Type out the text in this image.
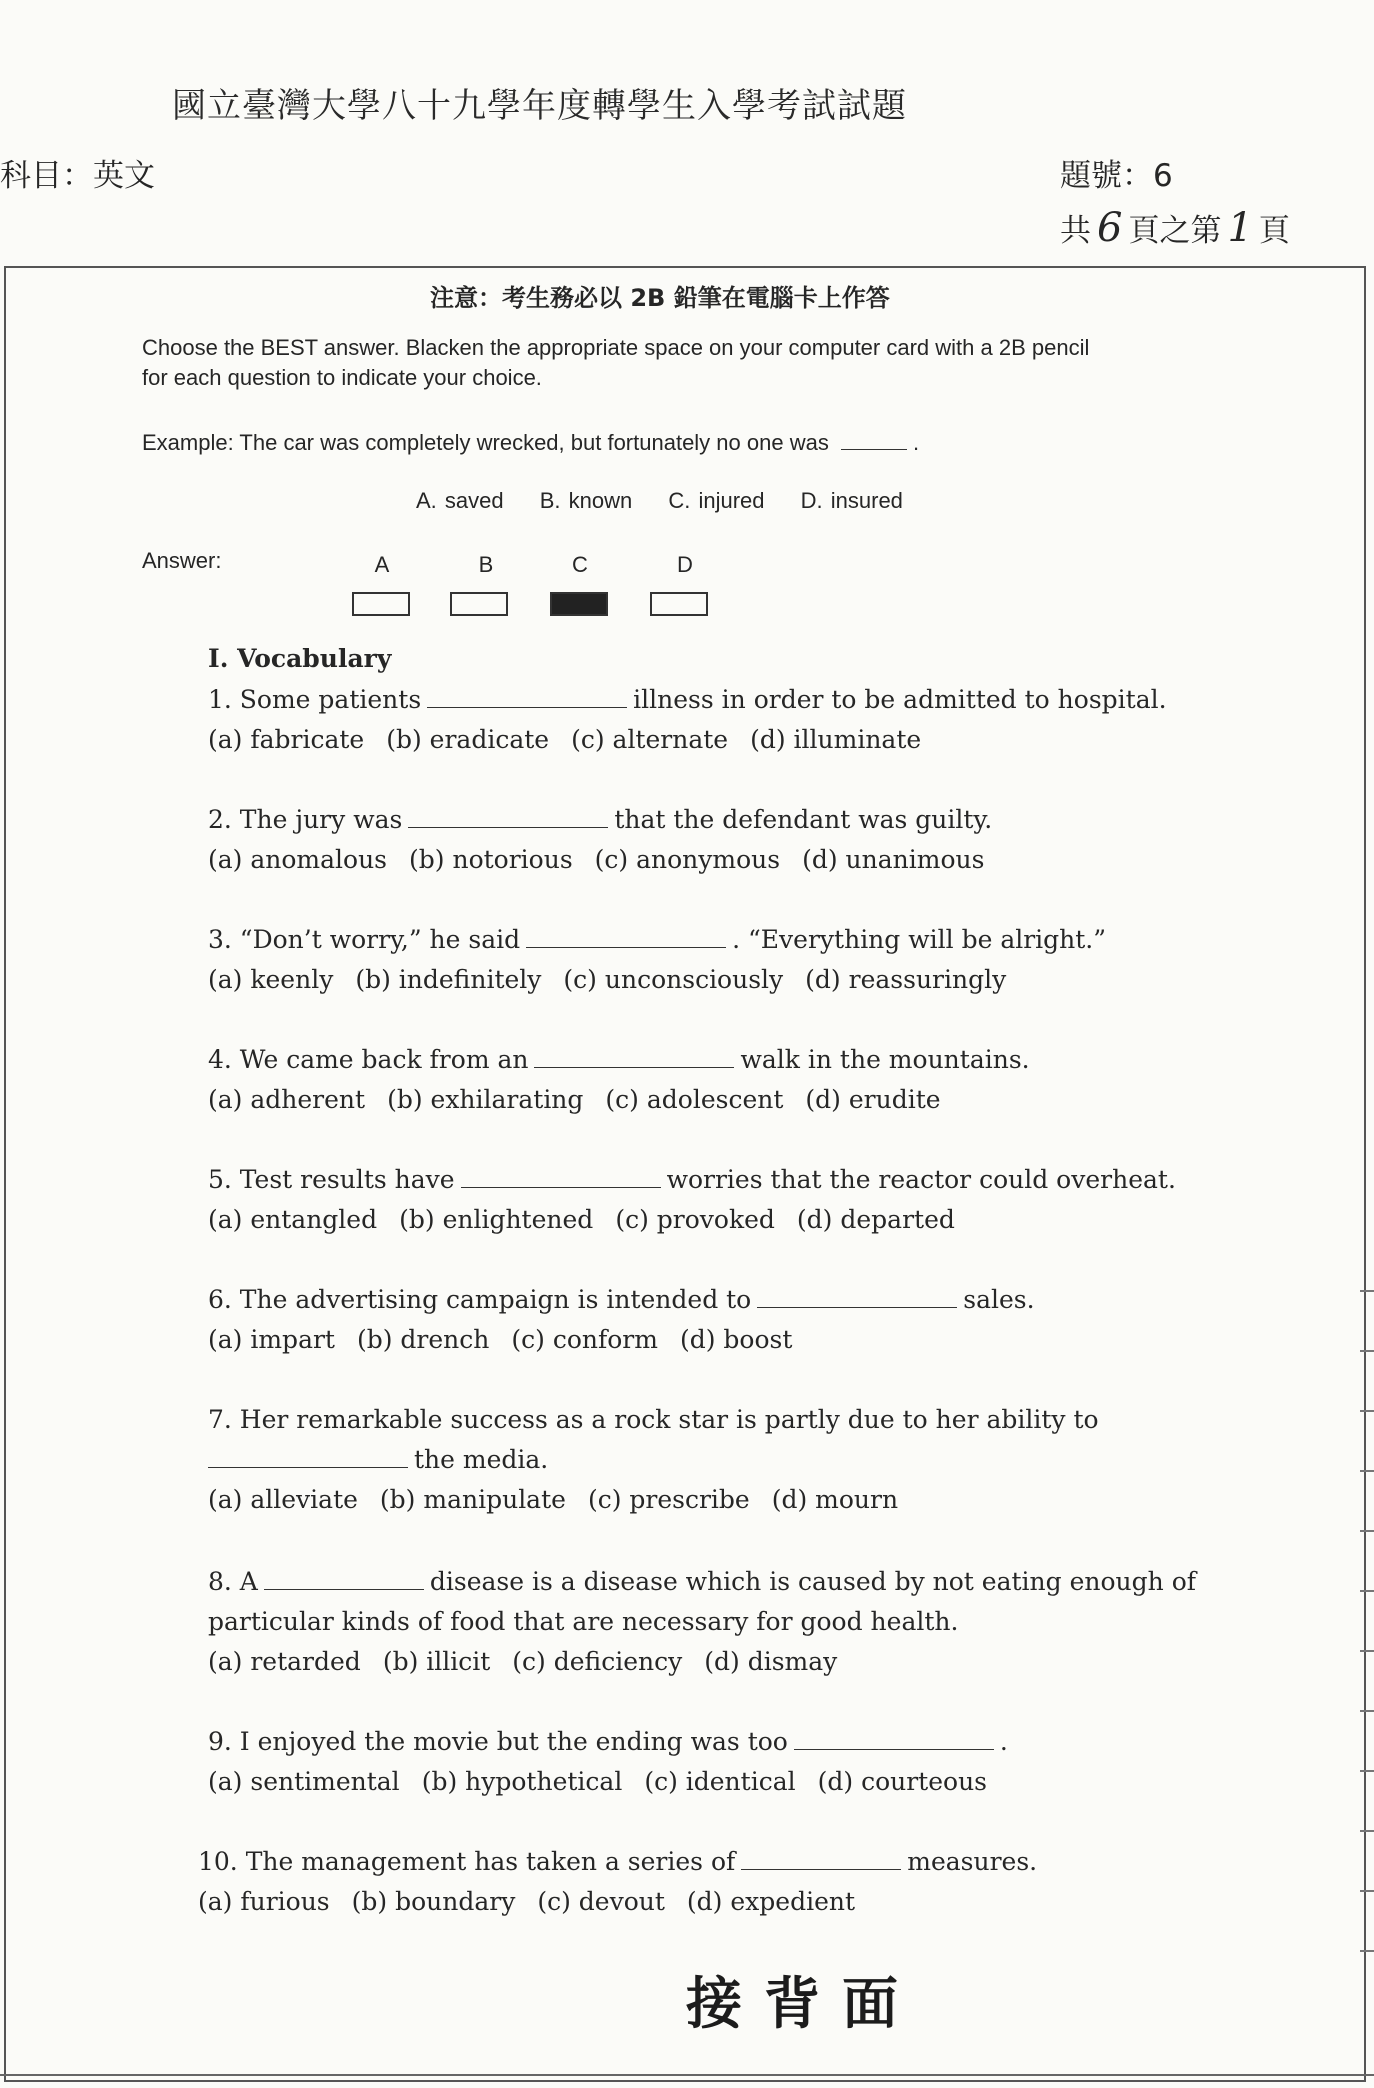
國立臺灣大學八十九學年度轉學生入學考試試題
科目：英文	題號：6
共 6 頁之第 1 頁
注意：考生務必以 2B 鉛筆在電腦卡上作答
Choose the BEST answer. Blacken the appropriate space on your computer card with a 2B pencil
for each question to indicate your choice.
Example: The car was completely wrecked, but fortunately no one was	.
A. saved B. known C. injured D. insured
Answer:	A	B	C	D
I. Vocabulary
1. Some patients	illness in order to be admitted to hospital.
(a) fabricate (b) eradicate (c) alternate (d) illuminate
2. The jury was	that the defendant was guilty.
(a) anomalous (b) notorious (c) anonymous (d) unanimous
3. “Don’t worry,” he said	. “Everything will be alright.”
(a) keenly (b) indefinitely (c) unconsciously (d) reassuringly
4. We came back from an	walk in the mountains.
(a) adherent (b) exhilarating (c) adolescent (d) erudite
5. Test results have	worries that the reactor could overheat.
(a) entangled (b) enlightened (c) provoked (d) departed
6. The advertising campaign is intended to	sales.
(a) impart (b) drench (c) conform (d) boost
7. Her remarkable success as a rock star is partly due to her ability to
the media.
(a) alleviate (b) manipulate (c) prescribe (d) mourn
8. A	disease is a disease which is caused by not eating enough of
particular kinds of food that are necessary for good health.
(a) retarded (b) illicit (c) deficiency (d) dismay
9. I enjoyed the movie but the ending was too	.
(a) sentimental (b) hypothetical (c) identical (d) courteous
10. The management has taken a series of	measures.
(a) furious (b) boundary (c) devout (d) expedient
接背面
